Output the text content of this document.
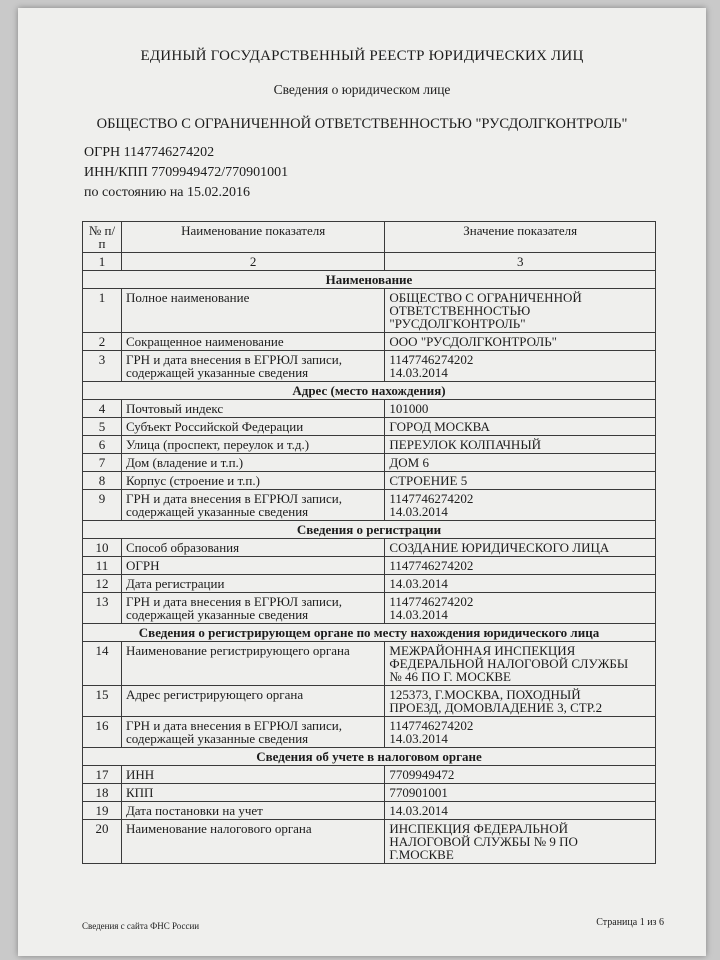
ЕДИНЫЙ ГОСУДАРСТВЕННЫЙ РЕЕСТР ЮРИДИЧЕСКИХ ЛИЦ
Сведения о юридическом лице
ОБЩЕСТВО С ОГРАНИЧЕННОЙ ОТВЕТСТВЕННОСТЬЮ "РУСДОЛГКОНТРОЛЬ"
ОГРН 1147746274202
ИНН/КПП 7709949472/770901001
по состоянию на 15.02.2016
№ п/п	Наименование показателя	Значение показателя
1	2	3
Наименование		
1	Полное наименование	ОБЩЕСТВО С ОГРАНИЧЕННОЙ
ОТВЕТСТВЕННОСТЬЮ
"РУСДОЛГКОНТРОЛЬ"
2	Сокращенное наименование	ООО "РУСДОЛГКОНТРОЛЬ"
3	ГРН и дата внесения в ЕГРЮЛ записи,
содержащей указанные сведения	1147746274202
14.03.2014
Адрес (место нахождения)		
4	Почтовый индекс	101000
5	Субъект Российской Федерации	ГОРОД МОСКВА
6	Улица (проспект, переулок и т.д.)	ПЕРЕУЛОК КОЛПАЧНЫЙ
7	Дом (владение и т.п.)	ДОМ 6
8	Корпус (строение и т.п.)	СТРОЕНИЕ 5
9	ГРН и дата внесения в ЕГРЮЛ записи,
содержащей указанные сведения	1147746274202
14.03.2014
Сведения о регистрации		
10	Способ образования	СОЗДАНИЕ ЮРИДИЧЕСКОГО ЛИЦА
11	ОГРН	1147746274202
12	Дата регистрации	14.03.2014
13	ГРН и дата внесения в ЕГРЮЛ записи,
содержащей указанные сведения	1147746274202
14.03.2014
Сведения о регистрирующем органе по месту нахождения юридического лица		
14	Наименование регистрирующего органа	МЕЖРАЙОННАЯ ИНСПЕКЦИЯ
ФЕДЕРАЛЬНОЙ НАЛОГОВОЙ СЛУЖБЫ
№ 46 ПО Г. МОСКВЕ
15	Адрес регистрирующего органа	125373, Г.МОСКВА, ПОХОДНЫЙ
ПРОЕЗД, ДОМОВЛАДЕНИЕ 3, СТР.2
16	ГРН и дата внесения в ЕГРЮЛ записи,
содержащей указанные сведения	1147746274202
14.03.2014
Сведения об учете в налоговом органе		
17	ИНН	7709949472
18	КПП	770901001
19	Дата постановки на учет	14.03.2014
20	Наименование налогового органа	ИНСПЕКЦИЯ ФЕДЕРАЛЬНОЙ
НАЛОГОВОЙ СЛУЖБЫ № 9 ПО
Г.МОСКВЕ
Сведения с сайта ФНС России	Страница 1 из 6
